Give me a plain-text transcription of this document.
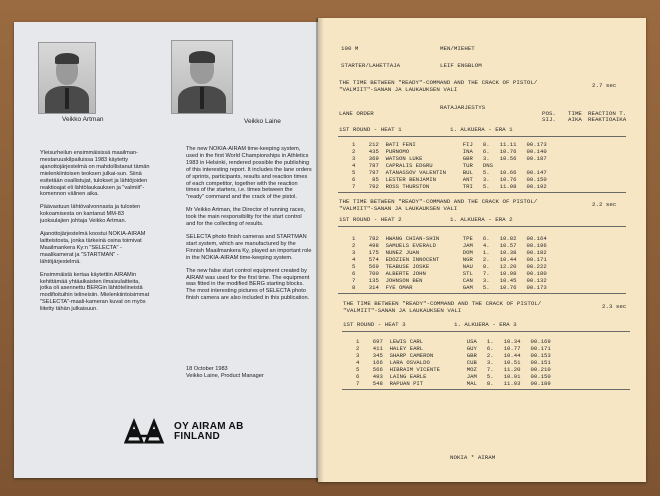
Veikko Artman	Veikko Laine

Yleisurheilun ensimmäisissä maailman-mestaruuskilpailuissa 1983 käytetty ajanottojärjestelmä on mahdollistanut tämän mielenkiintoisen teoksen julkai-sun. Siinä esitetään osallistujat, tulokset ja lähtöjoiden reaktioajat eli lähtölaukauksen ja "valmiit"-komennon välinen aika.

Päävastuun lähtövalvonnasta ja tulosten kokoamisesta on kantanut MM-83 juoksulajien johtaja Veikko Artman.

Ajanottojärjestelmä koostui NOKIA-AIRAM laitteistosta, jonka tärkeinä osina toimivat Maailmankera Ky:n "SELECTA" -maalikamerat ja "STARTMAN" -lähtöjärjestelmä.

Ensimmäistä kertaa käytettiin AIRAMin kehittämää yhtäaikaisten ilmaisulaitteita, jotka oli asennettu BERGin lähtötelineistä modifioituihin telineisiin. Mielenkiintoisimmat "SELECTA"-maali-kameran kuvat on myös liitetty tähän julkaisuun.

The new NOKIA-AIRAM time-keeping system, used in the first World Championships in Athletics 1983 in Helsinki, rendered possible the publishing of this interesting report. It includes the lane orders of sprints, participants, results and reaction times of each competitor, together with the reaction times of the starters, i.e. times between the "ready" command and the crack of the pistol.

Mr Veikko Artman, the Director of running races, took the main responsibility for the start control and for the collecting of results.

SELECTA photo finish cameras and STARTMAN start system, which are manufactured by the Finnish Maailmankera Ky, played an important role in the NOKIA-AIRAM time-keeping system.

The new false start control equipment created by AIRAM was used for the first time. The equipment was fitted in the modified BERG starting blocks. The most interesting pictures of SELECTA photo finish camera are also included in this publication.

18 October 1983
Veikko Laine, Product Manager
OY AIRAM AB
FINLAND
100 M	MEN/MIEHET
STARTER/LAHETTAJA	LEIF ENGBLOM
THE TIME BETWEEN "READY"-COMMAND AND THE CRACK OF PISTOL/
"VALMIIT"-SANAN JA LAUKAUKSEN VALI
2.7 sec
LANE ORDER
RATAJARJESTYS
POS.
SIJ.
TIME
AIKA
REACTION T.
REAKTIOAIKA
1ST ROUND - HEAT 1	1. ALKUERA - ERA 1
1    212  BATI FENI              FIJ   8.   11.11   00.173
2    435  PURNOMO                INA   6.   10.76   00.140
3    369  WATSON LUKE            GBR   3.   10.56   00.187
4    787  CAPRALIS EDGRU         TUR   DNS
5    797  ATANASSOV VALENTIN     BUL   5.   10.66   00.147
6     85  LESTER BENJAMIN        ANT   3.   10.76   00.150
7    792  ROSS THURSTON          TRI   5.   11.08   00.192
THE TIME BETWEEN "READY"-COMMAND AND THE CRACK OF PISTOL/
"VALMIIT"-SANAN JA LAUKAUKSEN VALI
2.2 sec
1ST ROUND - HEAT 2	1. ALKUERA - ERA 2
1    782  HWANG CHIAN-SHIN       TPE   6.   10.82   00.164
2    498  SAMUELS EVERALD        JAM   4.   10.57   00.196
3    175  NUNEZ JUAN             DOM   1.   10.38   00.182
4    574  EDOZIEN INNOCENT       NGR   2.   10.44   00.171
5    569  TEABUSE JOSKE          NAU   8.   12.20   00.222
6    700  ALBERTE JOHN           STL   7.   10.98   00.180
7    135  JOHNSON BEN            CAN   3.   10.45   00.132
8    314  FYE OMAR               GAM   5.   10.76   00.173
THE TIME BETWEEN "READY"-COMMAND AND THE CRACK OF PISTOL/
"VALMIIT"-SANAN JA LAUKAUKSEN VALI
2.3 sec
1ST ROUND - HEAT 3	1. ALKUERA - ERA 3
1    697  LEWIS CARL             USA   1.   10.34   00.169
2    411  HALEY EARL             GUY   6.   10.77   00.171
3    345  SHARP CAMERON          GBR   2.   10.44   00.153
4    166  LARA OSVALDO           CUB   3.   10.51   00.151
5    566  HIBRAIM VICENTE        MOZ   7.   11.20   00.210
6    493  LAING EARLE            JAM   5.   10.91   00.150
7    548  RAPUAN PIT             MAL   8.   11.03   00.189
NOKIA * AIRAM
